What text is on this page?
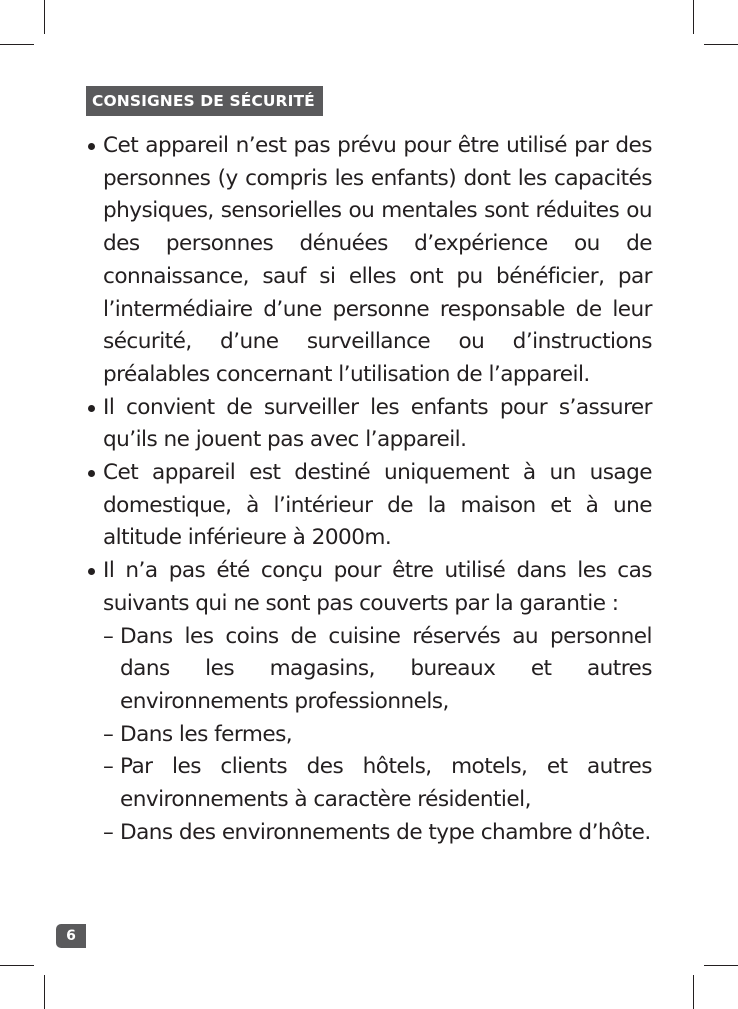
CONSIGNES DE SÉCURITÉ
Cet appareil n’est pas prévu pour être utilisé par des personnes (y compris les enfants) dont les capacités physiques, sensorielles ou mentales sont réduites ou des personnes dénuées d’expérience ou de connaissance, sauf si elles ont pu bénéficier, par l’intermédiaire d’une personne responsable de leur sécurité, d’une surveillance ou d’instructions préalables concernant l’utilisation de l’appareil.
Il convient de surveiller les enfants pour s’assurer qu’ils ne jouent pas avec l’appareil.
Cet appareil est destiné uniquement à un usage domestique, à l’intérieur de la maison et à une altitude inférieure à 2000m.
Il n’a pas été conçu pour être utilisé dans les cas suivants qui ne sont pas couverts par la garantie :
– Dans les coins de cuisine réservés au personnel dans les magasins, bureaux et autres environnements professionnels,
– Dans les fermes,
– Par les clients des hôtels, motels, et autres environnements à caractère résidentiel,
– Dans des environnements de type chambre d’hôte.
6
